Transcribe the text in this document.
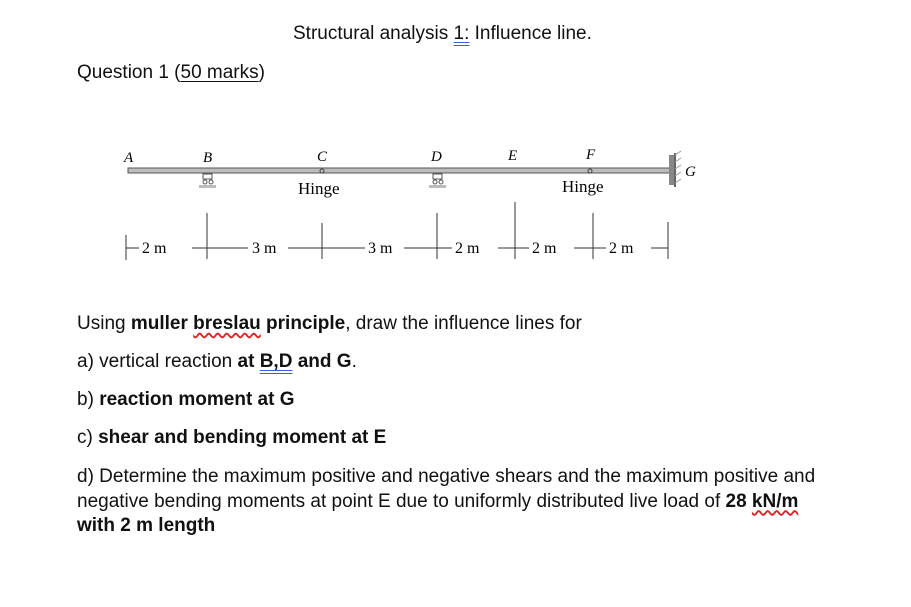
Structural analysis 1: Influence line.
Question 1 (50 marks)
A	B	C	D	E	F
G
Hinge	Hinge
2 m	3 m	3 m	2 m	2 m	2 m
Using muller breslau principle, draw the influence lines for
a) vertical reaction at B,D and G.
b) reaction moment at G
c) shear and bending moment at E
d) Determine the maximum positive and negative shears and the maximum positive and negative bending moments at point E due to uniformly distributed live load of 28 kN/m with 2 m length
